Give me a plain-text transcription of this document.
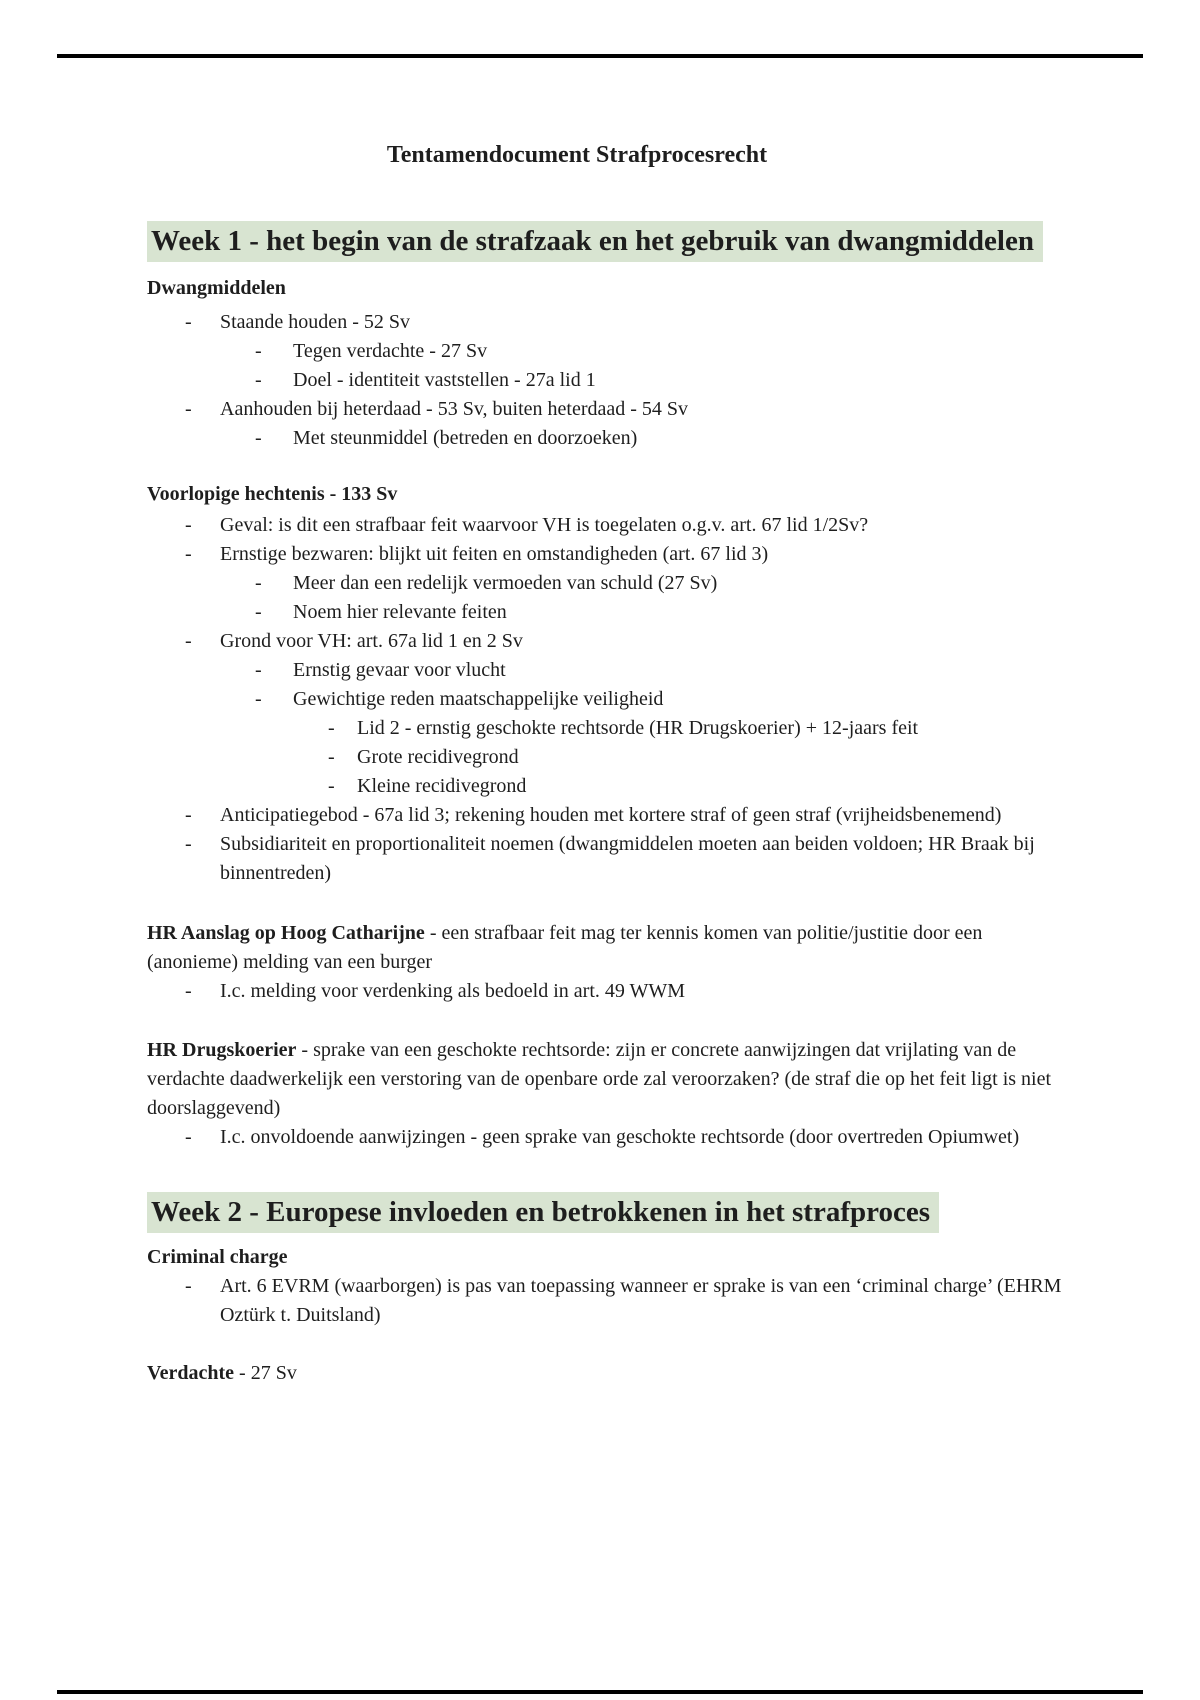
Tentamendocument Strafprocesrecht
Week 1 - het begin van de strafzaak en het gebruik van dwangmiddelen
Dwangmiddelen
- Staande houden - 52 Sv
- Tegen verdachte - 27 Sv
- Doel - identiteit vaststellen - 27a lid 1
- Aanhouden bij heterdaad - 53 Sv, buiten heterdaad - 54 Sv
- Met steunmiddel (betreden en doorzoeken)
Voorlopige hechtenis - 133 Sv
- Geval: is dit een strafbaar feit waarvoor VH is toegelaten o.g.v. art. 67 lid 1/2Sv?
- Ernstige bezwaren: blijkt uit feiten en omstandigheden (art. 67 lid 3)
- Meer dan een redelijk vermoeden van schuld (27 Sv)
- Noem hier relevante feiten
- Grond voor VH: art. 67a lid 1 en 2 Sv
- Ernstig gevaar voor vlucht
- Gewichtige reden maatschappelijke veiligheid
- Lid 2 - ernstig geschokte rechtsorde (HR Drugskoerier) + 12-jaars feit
- Grote recidivegrond
- Kleine recidivegrond
- Anticipatiegebod - 67a lid 3; rekening houden met kortere straf of geen straf (vrijheidsbenemend)
- Subsidiariteit en proportionaliteit noemen (dwangmiddelen moeten aan beiden voldoen; HR Braak bij binnentreden)

HR Aanslag op Hoog Catharijne - een strafbaar feit mag ter kennis komen van politie/justitie door een (anonieme) melding van een burger

- I.c. melding voor verdenking als bedoeld in art. 49 WWM

HR Drugskoerier - sprake van een geschokte rechtsorde: zijn er concrete aanwijzingen dat vrijlating van de verdachte daadwerkelijk een verstoring van de openbare orde zal veroorzaken? (de straf die op het feit ligt is niet doorslaggevend)

- I.c. onvoldoende aanwijzingen - geen sprake van geschokte rechtsorde (door overtreden Opiumwet)
Week 2 - Europese invloeden en betrokkenen in het strafproces
Criminal charge
- Art. 6 EVRM (waarborgen) is pas van toepassing wanneer er sprake is van een ‘criminal charge’ (EHRM Oztürk t. Duitsland)

Verdachte - 27 Sv
